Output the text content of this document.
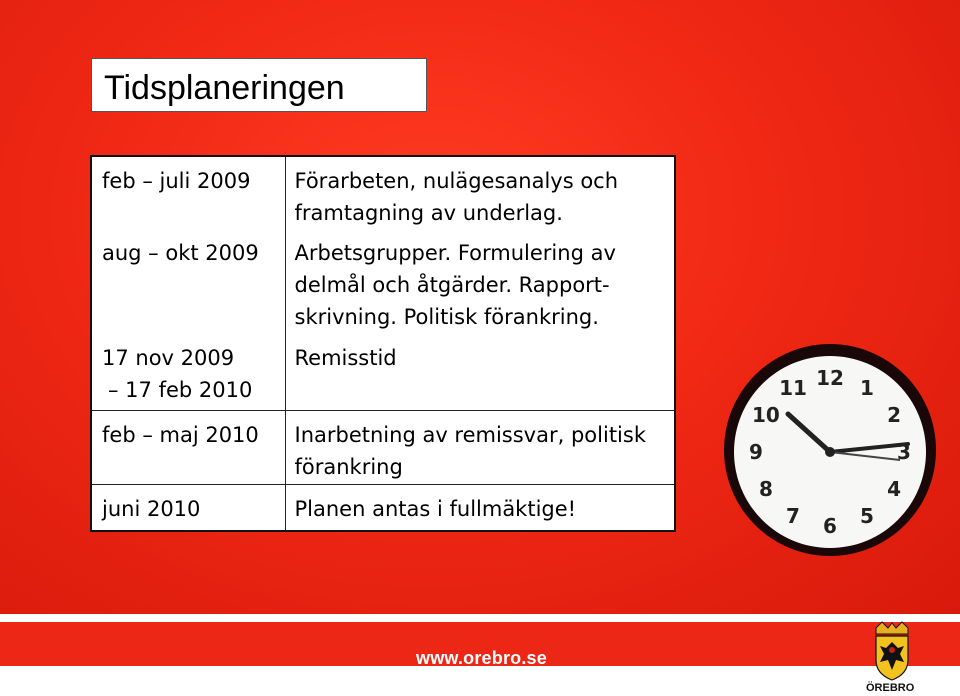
Tidsplaneringen
feb – juli 2009	Förarbeten, nulägesanalys och framtagning av underlag.
aug – okt 2009	Arbetsgrupper. Formulering av delmål och åtgärder. Rapport-skrivning. Politisk förankring.
17 nov 2009
– 17 feb 2010	Remisstid
feb – maj 2010	Inarbetning av remissvar, politisk förankring
juni 2010	Planen antas i fullmäktige!
12 1
2
3
4
5
6
7
8
9
10
11
www.orebro.se
ÖREBRO
